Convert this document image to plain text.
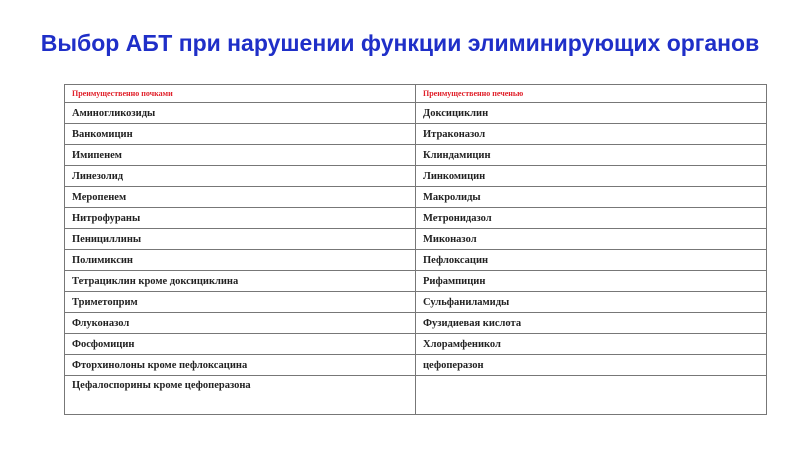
Выбор АБТ при нарушении функции элиминирующих органов
Преимущественно почками	Преимущественно печенью
Аминогликозиды	Доксициклин
Ванкомицин	Итраконазол
Имипенем	Клиндамицин
Линезолид	Линкомицин
Меропенем	Макролиды
Нитрофураны	Метронидазол
Пенициллины	Миконазол
Полимиксин	Пефлоксацин
Тетрациклин кроме доксициклина	Рифампицин
Триметоприм	Сульфаниламиды
Флуконазол	Фузидиевая кислота
Фосфомицин	Хлорамфеникол
Фторхинолоны кроме пефлоксацина	цефоперазон
Цефалоспорины кроме цефоперазона	
